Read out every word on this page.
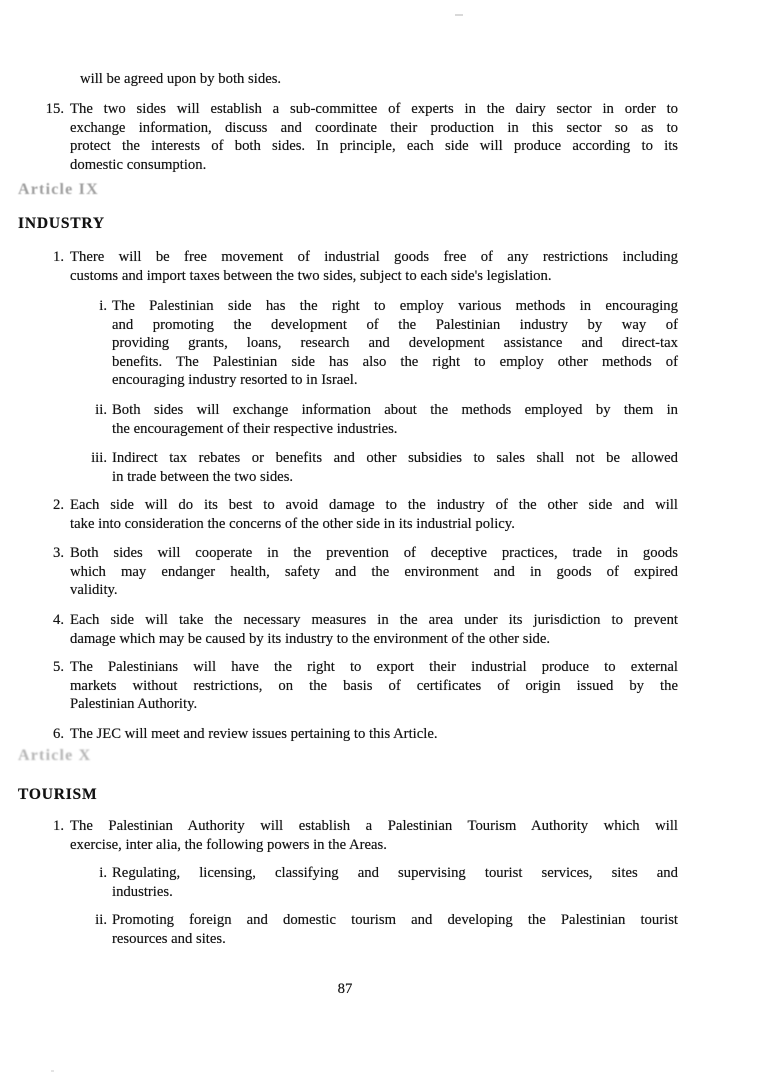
will be agreed upon by both sides.
15. The two sides will establish a sub-committee of experts in the dairy sector in order to
exchange information, discuss and coordinate their production in this sector so as to
protect the interests of both sides. In principle, each side will produce according to its
domestic consumption.
Article IX
INDUSTRY
1. There will be free movement of industrial goods free of any restrictions including
customs and import taxes between the two sides, subject to each side's legislation.
i. The Palestinian side has the right to employ various methods in encouraging
and promoting the development of the Palestinian industry by way of
providing grants, loans, research and development assistance and direct-tax
benefits. The Palestinian side has also the right to employ other methods of
encouraging industry resorted to in Israel.
ii. Both sides will exchange information about the methods employed by them in
the encouragement of their respective industries.
iii. Indirect tax rebates or benefits and other subsidies to sales shall not be allowed
in trade between the two sides.
2. Each side will do its best to avoid damage to the industry of the other side and will
take into consideration the concerns of the other side in its industrial policy.
3. Both sides will cooperate in the prevention of deceptive practices, trade in goods
which may endanger health, safety and the environment and in goods of expired
validity.
4. Each side will take the necessary measures in the area under its jurisdiction to prevent
damage which may be caused by its industry to the environment of the other side.
5. The Palestinians will have the right to export their industrial produce to external
markets without restrictions, on the basis of certificates of origin issued by the
Palestinian Authority.
6. The JEC will meet and review issues pertaining to this Article.
Article X
TOURISM
1. The Palestinian Authority will establish a Palestinian Tourism Authority which will
exercise, inter alia, the following powers in the Areas.
i. Regulating, licensing, classifying and supervising tourist services, sites and
industries.
ii. Promoting foreign and domestic tourism and developing the Palestinian tourist
resources and sites.
87
